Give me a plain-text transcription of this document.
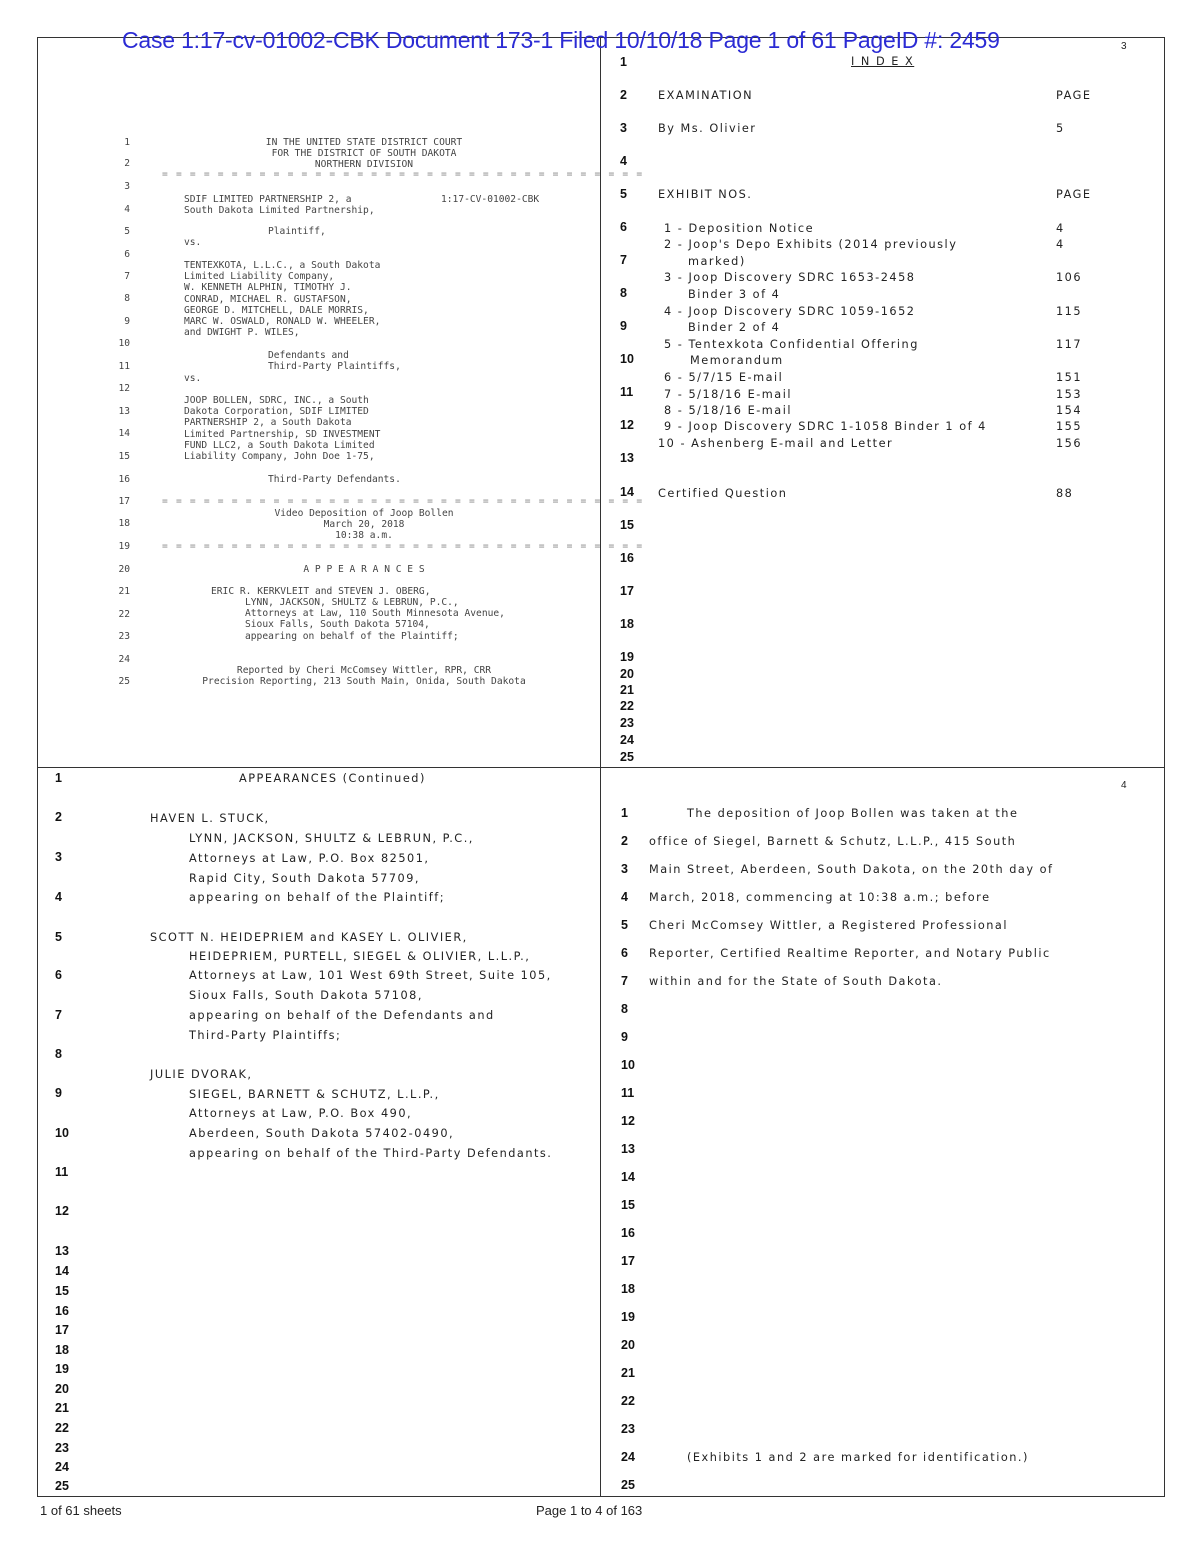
Case 1:17-cv-01002-CBK Document 173-1 Filed 10/10/18 Page 1 of 61 PageID #: 2459	3
4
1
2
3
4
5
6
7
8
9
10
11
12
13
14
15
16
17
18
19
20
21
22
23
24
25
IN THE UNITED STATE DISTRICT COURT
FOR THE DISTRICT OF SOUTH DAKOTA
NORTHERN DIVISION
= = = = = = = = = = = = = = = = = = = = = = = = = = = = = = = = = = =
SDIF LIMITED PARTNERSHIP 2, a
South Dakota Limited Partnership,
1:17-CV-01002-CBK
Plaintiff,
vs.
TENTEXKOTA, L.L.C., a South Dakota
Limited Liability Company,
W. KENNETH ALPHIN, TIMOTHY J.
CONRAD, MICHAEL R. GUSTAFSON,
GEORGE D. MITCHELL, DALE MORRIS,
MARC W. OSWALD, RONALD W. WHEELER,
and DWIGHT P. WILES,
Defendants and
Third-Party Plaintiffs,
vs.
JOOP BOLLEN, SDRC, INC., a South
Dakota Corporation, SDIF LIMITED
PARTNERSHIP 2, a South Dakota
Limited Partnership, SD INVESTMENT
FUND LLC2, a South Dakota Limited
Liability Company, John Doe 1-75,
Third-Party Defendants.
= = = = = = = = = = = = = = = = = = = = = = = = = = = = = = = = = = =
Video Deposition of Joop Bollen
March 20, 2018
10:38 a.m.
= = = = = = = = = = = = = = = = = = = = = = = = = = = = = = = = = = =
A P P E A R A N C E S
ERIC R. KERKVLEIT and STEVEN J. OBERG,
LYNN, JACKSON, SHULTZ & LEBRUN, P.C.,
Attorneys at Law, 110 South Minnesota Avenue,
Sioux Falls, South Dakota 57104,
appearing on behalf of the Plaintiff;
Reported by Cheri McComsey Wittler, RPR, CRR
Precision Reporting, 213 South Main, Onida, South Dakota
1
2
3
4
5
6
7
8
9
10
11
12
13
14
15
16
17
18
19
20
21
22
23
24
25
I N D E X
EXAMINATION	PAGE
By Ms. Olivier	5
EXHIBIT NOS.	PAGE
1 - Deposition Notice	4
2 - Joop's Depo Exhibits (2014 previously	4
marked)
3 - Joop Discovery SDRC 1653-2458	106
Binder 3 of 4
4 - Joop Discovery SDRC 1059-1652	115
Binder 2 of 4
5 - Tentexkota Confidential Offering	117
Memorandum
6 - 5/7/15 E-mail	151
7 - 5/18/16 E-mail	153
8 - 5/18/16 E-mail	154
9 - Joop Discovery SDRC 1-1058 Binder 1 of 4	155
10 - Ashenberg E-mail and Letter	156
Certified Question	88
1
2
3
4
5
6
7
8
9
10
11
12
13
14
15
16
17
18
19
20
21
22
23
24
25
APPEARANCES (Continued)
HAVEN L. STUCK,
LYNN, JACKSON, SHULTZ & LEBRUN, P.C.,
Attorneys at Law, P.O. Box 82501,
Rapid City, South Dakota 57709,
appearing on behalf of the Plaintiff;
SCOTT N. HEIDEPRIEM and KASEY L. OLIVIER,
HEIDEPRIEM, PURTELL, SIEGEL & OLIVIER, L.L.P.,
Attorneys at Law, 101 West 69th Street, Suite 105,
Sioux Falls, South Dakota 57108,
appearing on behalf of the Defendants and
Third-Party Plaintiffs;
JULIE DVORAK,
SIEGEL, BARNETT & SCHUTZ, L.L.P.,
Attorneys at Law, P.O. Box 490,
Aberdeen, South Dakota 57402-0490,
appearing on behalf of the Third-Party Defendants.
1
2
3
4
5
6
7
8
9
10
11
12
13
14
15
16
17
18
19
20
21
22
23
24
25
The deposition of Joop Bollen was taken at the
office of Siegel, Barnett & Schutz, L.L.P., 415 South
Main Street, Aberdeen, South Dakota, on the 20th day of
March, 2018, commencing at 10:38 a.m.; before
Cheri McComsey Wittler, a Registered Professional
Reporter, Certified Realtime Reporter, and Notary Public
within and for the State of South Dakota.
(Exhibits 1 and 2 are marked for identification.)
1 of 61 sheets	Page 1 to 4 of 163
